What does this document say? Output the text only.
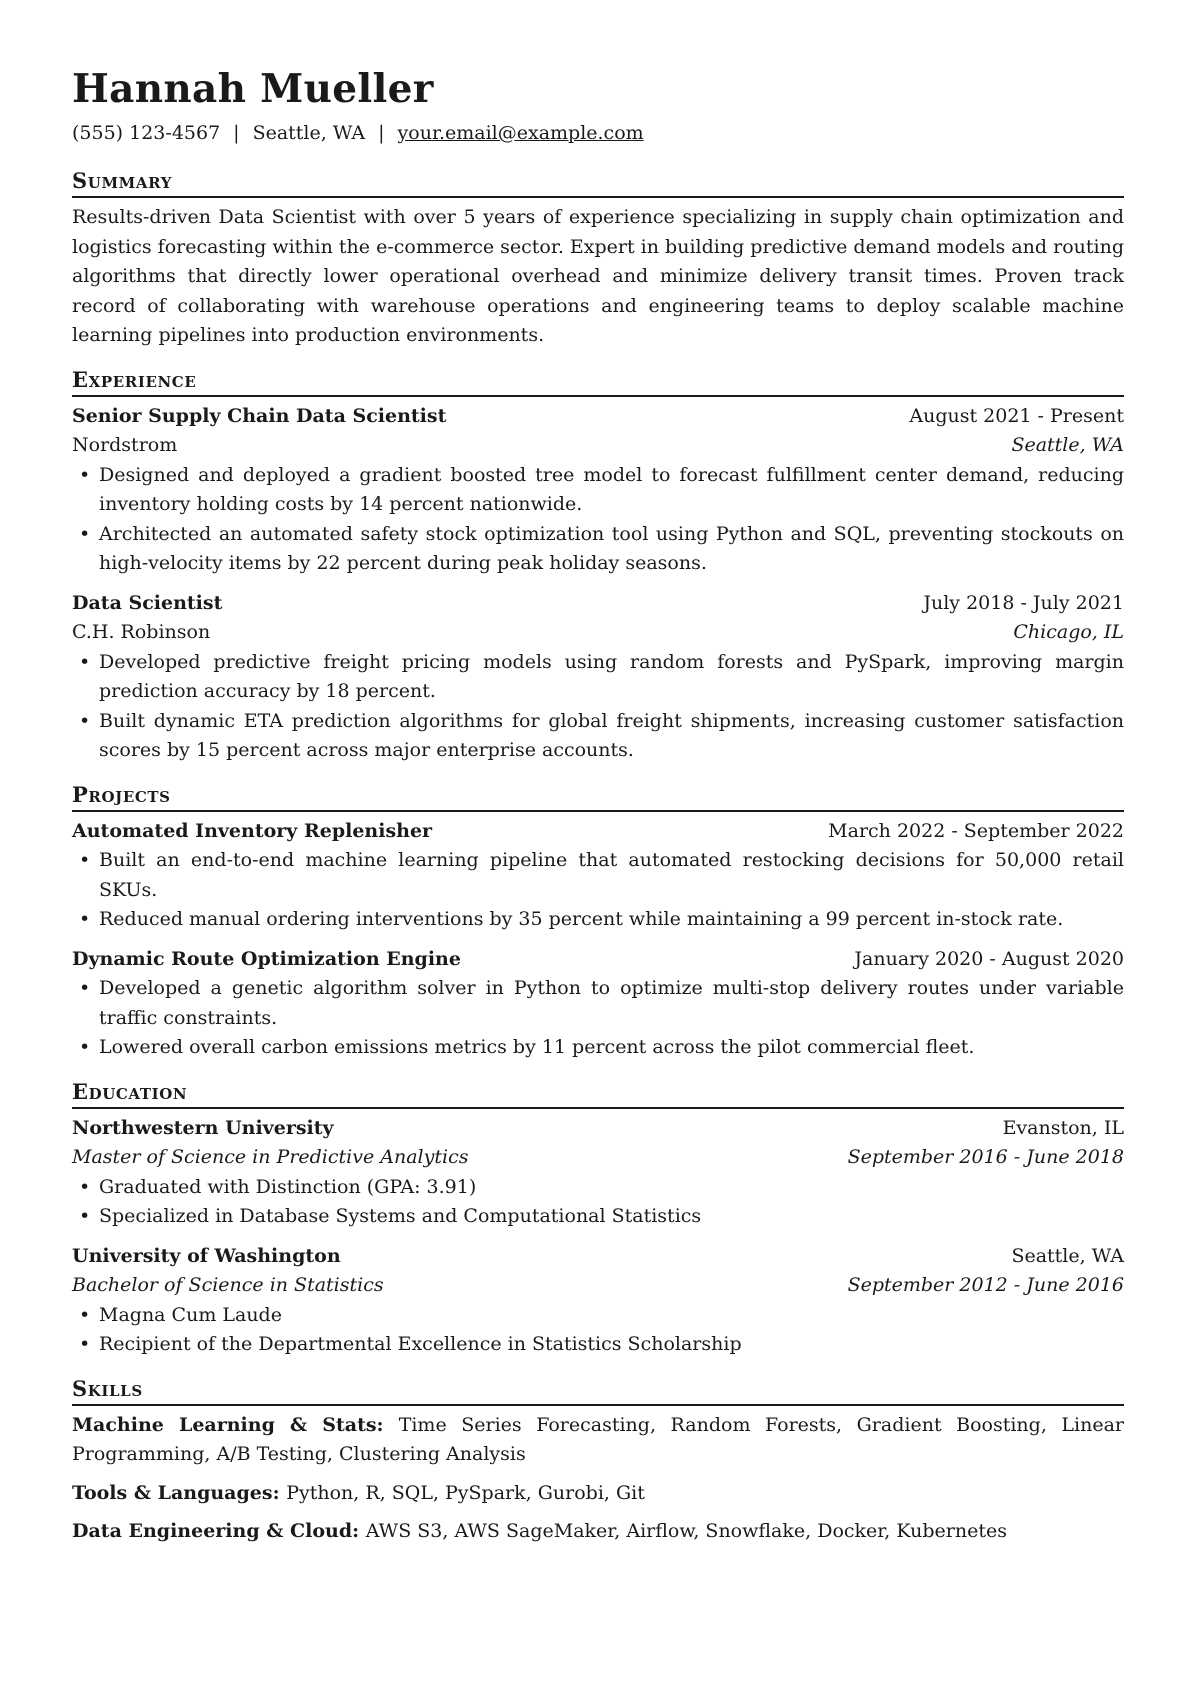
Hannah Mueller
(555) 123-4567 | Seattle, WA | your.email@example.com
Summary
Results-driven Data Scientist with over 5 years of experience specializing in supply chain optimization and logistics forecasting within the e-commerce sector. Expert in building predictive demand models and routing algorithms that directly lower operational overhead and minimize delivery transit times. Proven track record of collaborating with warehouse operations and engineering teams to deploy scalable machine learning pipelines into production environments.
Experience
Senior Supply Chain Data Scientist	August 2021 - Present
Nordstrom	Seattle, WA
• Designed and deployed a gradient boosted tree model to forecast fulfillment center demand, reducing inventory holding costs by 14 percent nationwide.
• Architected an automated safety stock optimization tool using Python and SQL, preventing stockouts on high-velocity items by 22 percent during peak holiday seasons.
Data Scientist	July 2018 - July 2021
C.H. Robinson	Chicago, IL
• Developed predictive freight pricing models using random forests and PySpark, improving margin prediction accuracy by 18 percent.
• Built dynamic ETA prediction algorithms for global freight shipments, increasing customer satisfaction scores by 15 percent across major enterprise accounts.
Projects
Automated Inventory Replenisher	March 2022 - September 2022
• Built an end-to-end machine learning pipeline that automated restocking decisions for 50,000 retail SKUs.
• Reduced manual ordering interventions by 35 percent while maintaining a 99 percent in-stock rate.
Dynamic Route Optimization Engine	January 2020 - August 2020
• Developed a genetic algorithm solver in Python to optimize multi-stop delivery routes under variable traffic constraints.
• Lowered overall carbon emissions metrics by 11 percent across the pilot commercial fleet.
Education
Northwestern University	Evanston, IL
Master of Science in Predictive Analytics	September 2016 - June 2018
• Graduated with Distinction (GPA: 3.91)
• Specialized in Database Systems and Computational Statistics
University of Washington	Seattle, WA
Bachelor of Science in Statistics	September 2012 - June 2016
• Magna Cum Laude
• Recipient of the Departmental Excellence in Statistics Scholarship
Skills
Machine Learning & Stats: Time Series Forecasting, Random Forests, Gradient Boosting, Linear Programming, A/B Testing, Clustering Analysis
Tools & Languages: Python, R, SQL, PySpark, Gurobi, Git
Data Engineering & Cloud: AWS S3, AWS SageMaker, Airflow, Snowflake, Docker, Kubernetes
